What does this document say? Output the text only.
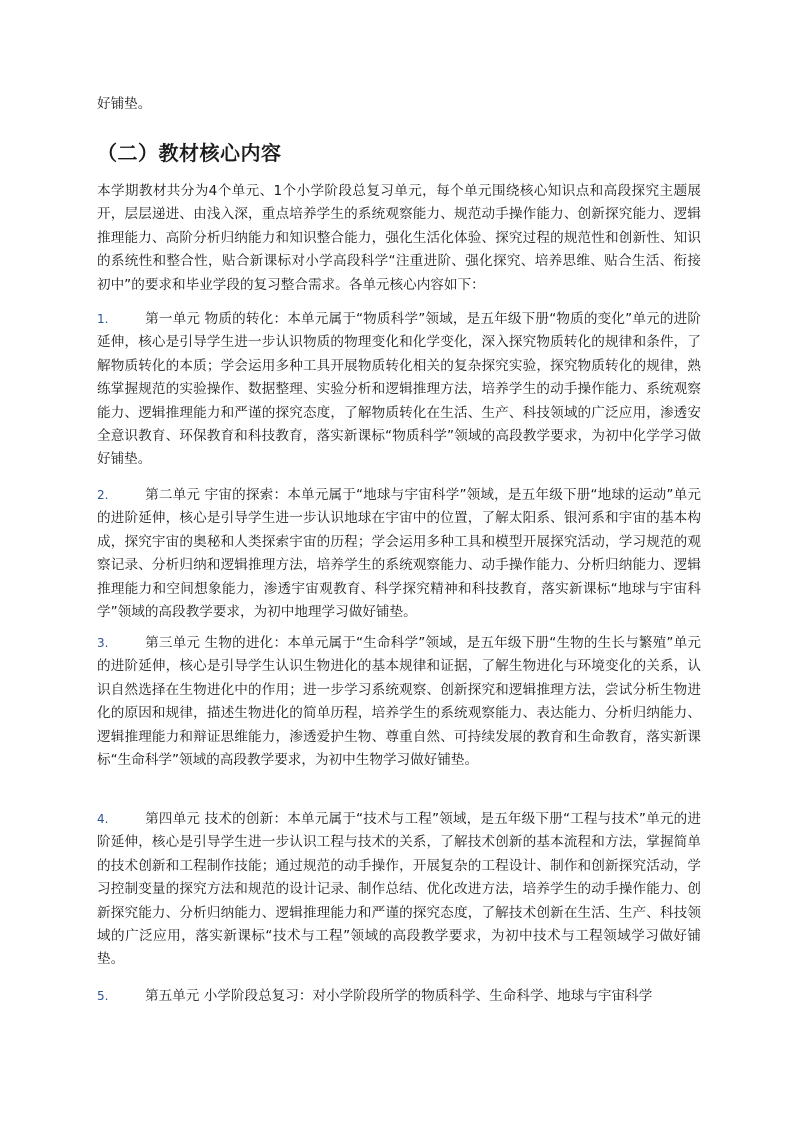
好铺垫。

（二）教材核心内容

本学期教材共分为4个单元、1个小学阶段总复习单元，每个单元围绕核心知识点和高段探究主题展开，层层递进、由浅入深，重点培养学生的系统观察能力、规范动手操作能力、创新探究能力、逻辑推理能力、高阶分析归纳能力和知识整合能力，强化生活化体验、探究过程的规范性和创新性、知识的系统性和整合性，贴合新课标对小学高段科学“注重进阶、强化探究、培养思维、贴合生活、衔接初中”的要求和毕业学段的复习整合需求。各单元核心内容如下：

1.	第一单元 物质的转化：本单元属于“物质科学”领域，是五年级下册“物质的变化”单元的进阶延伸，核心是引导学生进一步认识物质的物理变化和化学变化，深入探究物质转化的规律和条件，了解物质转化的本质；学会运用多种工具开展物质转化相关的复杂探究实验，探究物质转化的规律，熟练掌握规范的实验操作、数据整理、实验分析和逻辑推理方法，培养学生的动手操作能力、系统观察能力、逻辑推理能力和严谨的探究态度，了解物质转化在生活、生产、科技领域的广泛应用，渗透安全意识教育、环保教育和科技教育，落实新课标“物质科学”领域的高段教学要求，为初中化学学习做好铺垫。

2.	第二单元 宇宙的探索：本单元属于“地球与宇宙科学”领域，是五年级下册“地球的运动”单元的进阶延伸，核心是引导学生进一步认识地球在宇宙中的位置，了解太阳系、银河系和宇宙的基本构成，探究宇宙的奥秘和人类探索宇宙的历程；学会运用多种工具和模型开展探究活动，学习规范的观察记录、分析归纳和逻辑推理方法，培养学生的系统观察能力、动手操作能力、分析归纳能力、逻辑推理能力和空间想象能力，渗透宇宙观教育、科学探究精神和科技教育，落实新课标“地球与宇宙科学”领域的高段教学要求，为初中地理学习做好铺垫。

3.	第三单元 生物的进化：本单元属于“生命科学”领域，是五年级下册“生物的生长与繁殖”单元的进阶延伸，核心是引导学生认识生物进化的基本规律和证据，了解生物进化与环境变化的关系，认识自然选择在生物进化中的作用；进一步学习系统观察、创新探究和逻辑推理方法，尝试分析生物进化的原因和规律，描述生物进化的简单历程，培养学生的系统观察能力、表达能力、分析归纳能力、逻辑推理能力和辩证思维能力，渗透爱护生物、尊重自然、可持续发展的教育和生命教育，落实新课标“生命科学”领域的高段教学要求，为初中生物学习做好铺垫。

4.	第四单元 技术的创新：本单元属于“技术与工程”领域，是五年级下册“工程与技术”单元的进阶延伸，核心是引导学生进一步认识工程与技术的关系，了解技术创新的基本流程和方法，掌握简单的技术创新和工程制作技能；通过规范的动手操作，开展复杂的工程设计、制作和创新探究活动，学习控制变量的探究方法和规范的设计记录、制作总结、优化改进方法，培养学生的动手操作能力、创新探究能力、分析归纳能力、逻辑推理能力和严谨的探究态度，了解技术创新在生活、生产、科技领域的广泛应用，落实新课标“技术与工程”领域的高段教学要求，为初中技术与工程领域学习做好铺垫。

5.	第五单元 小学阶段总复习：对小学阶段所学的物质科学、生命科学、地球与宇宙科学
